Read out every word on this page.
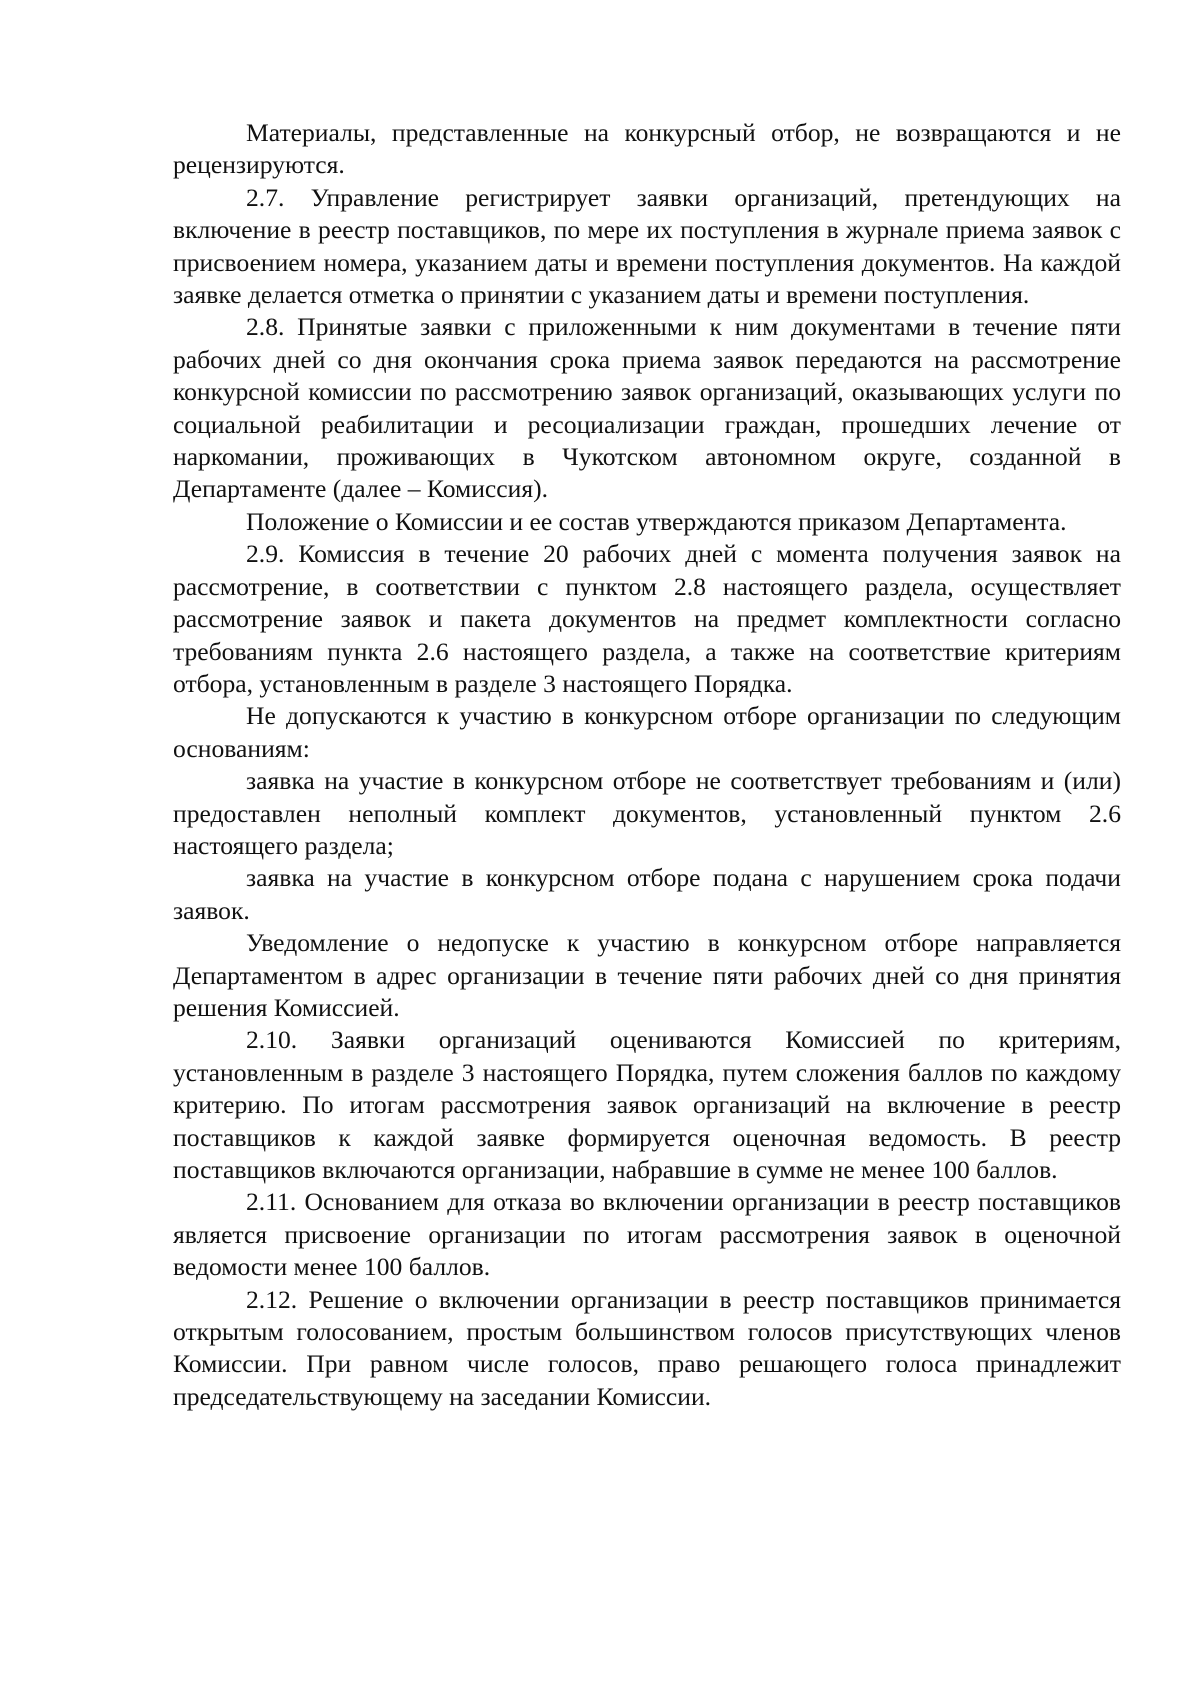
Материалы, представленные на конкурсный отбор, не возвращаются и не рецензируются.

2.7. Управление регистрирует заявки организаций, претендующих на включение в реестр поставщиков, по мере их поступления в журнале приема заявок с присвоением номера, указанием даты и времени поступления документов. На каждой заявке делается отметка о принятии с указанием даты и времени поступления.

2.8. Принятые заявки с приложенными к ним документами в течение пяти рабочих дней со дня окончания срока приема заявок передаются на рассмотрение конкурсной комиссии по рассмотрению заявок организаций, оказывающих услуги по социальной реабилитации и ресоциализации граждан, прошедших лечение от наркомании, проживающих в Чукотском автономном округе, созданной в Департаменте (далее – Комиссия).

Положение о Комиссии и ее состав утверждаются приказом Департамента.

2.9. Комиссия в течение 20 рабочих дней с момента получения заявок на рассмотрение, в соответствии с пунктом 2.8 настоящего раздела, осуществляет рассмотрение заявок и пакета документов на предмет комплектности согласно требованиям пункта 2.6 настоящего раздела, а также на соответствие критериям отбора, установленным в разделе 3 настоящего Порядка.

Не допускаются к участию в конкурсном отборе организации по следующим основаниям:

заявка на участие в конкурсном отборе не соответствует требованиям и (или) предоставлен неполный комплект документов, установленный пунктом 2.6 настоящего раздела;

заявка на участие в конкурсном отборе подана с нарушением срока подачи заявок.

Уведомление о недопуске к участию в конкурсном отборе направляется Департаментом в адрес организации в течение пяти рабочих дней со дня принятия решения Комиссией.

2.10. Заявки организаций оцениваются Комиссией по критериям, установленным в разделе 3 настоящего Порядка, путем сложения баллов по каждому критерию. По итогам рассмотрения заявок организаций на включение в реестр поставщиков к каждой заявке формируется оценочная ведомость. В реестр поставщиков включаются организации, набравшие в сумме не менее 100 баллов.

2.11. Основанием для отказа во включении организации в реестр поставщиков является присвоение организации по итогам рассмотрения заявок в оценочной ведомости менее 100 баллов.

2.12. Решение о включении организации в реестр поставщиков принимается открытым голосованием, простым большинством голосов присутствующих членов Комиссии. При равном числе голосов, право решающего голоса принадлежит председательствующему на заседании Комиссии.
